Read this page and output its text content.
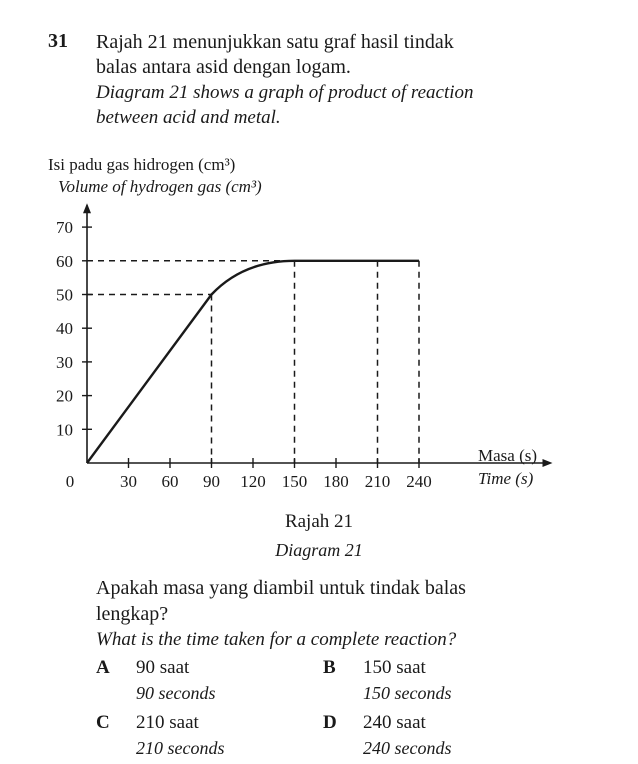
31 Rajah 21 menunjukkan satu graf hasil tindak

balas antara asid dengan logam.

Diagram 21 shows a graph of product of reaction

between acid and metal.

Isi padu gas hidrogen (cm³)
Volume of hydrogen gas (cm³)
10
20
30
40
50
60
70
0	30 60 90 120 150 180 210 240
Masa (s)
Time (s)
Rajah 21
Diagram 21

Apakah masa yang diambil untuk tindak balas

lengkap?

What is the time taken for a complete reaction?

A 90 saat
90 seconds
B 150 saat
150 seconds
C 210 saat
210 seconds
D 240 saat
240 seconds
